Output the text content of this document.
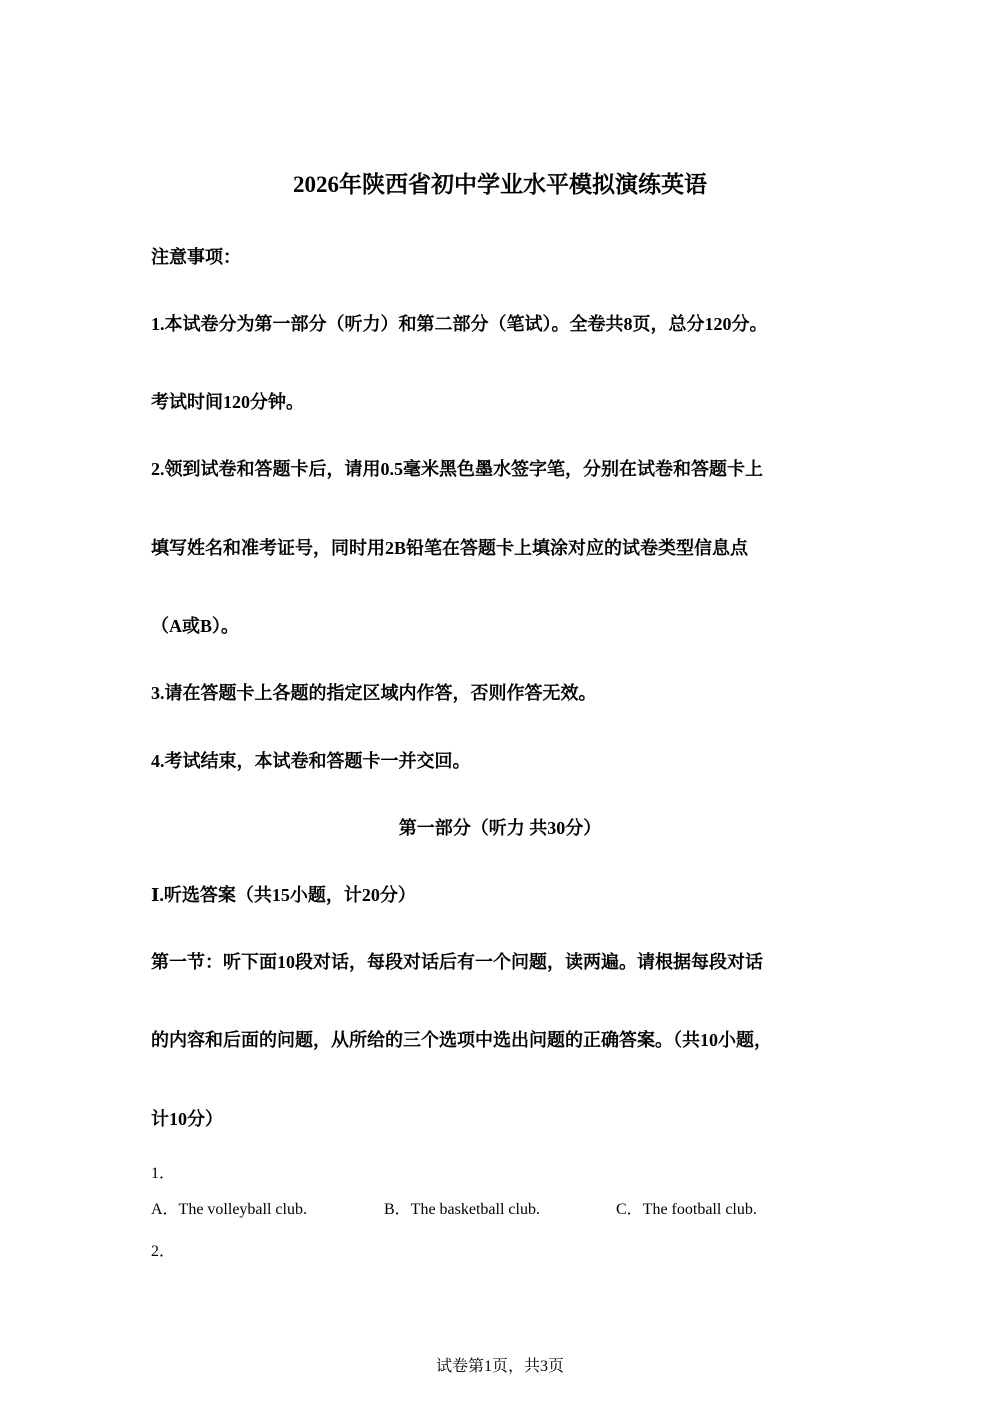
2026年陕西省初中学业水平模拟演练英语
注意事项：
1.本试卷分为第一部分（听力）和第二部分（笔试）。全卷共8页，总分120分。
考试时间120分钟。
2.领到试卷和答题卡后，请用0.5毫米黑色墨水签字笔，分别在试卷和答题卡上
填写姓名和准考证号，同时用2B铅笔在答题卡上填涂对应的试卷类型信息点
（A或B）。
3.请在答题卡上各题的指定区域内作答，否则作答无效。
4.考试结束，本试卷和答题卡一并交回。
第一部分（听力 共30分）
Ⅰ.听选答案（共15小题，计20分）
第一节：听下面10段对话，每段对话后有一个问题，读两遍。请根据每段对话
的内容和后面的问题，从所给的三个选项中选出问题的正确答案。（共10小题，
计10分）
1．
A．The volleyball club.	B．The basketball club.	C．The football club.
2．
试卷第1页，共3页
